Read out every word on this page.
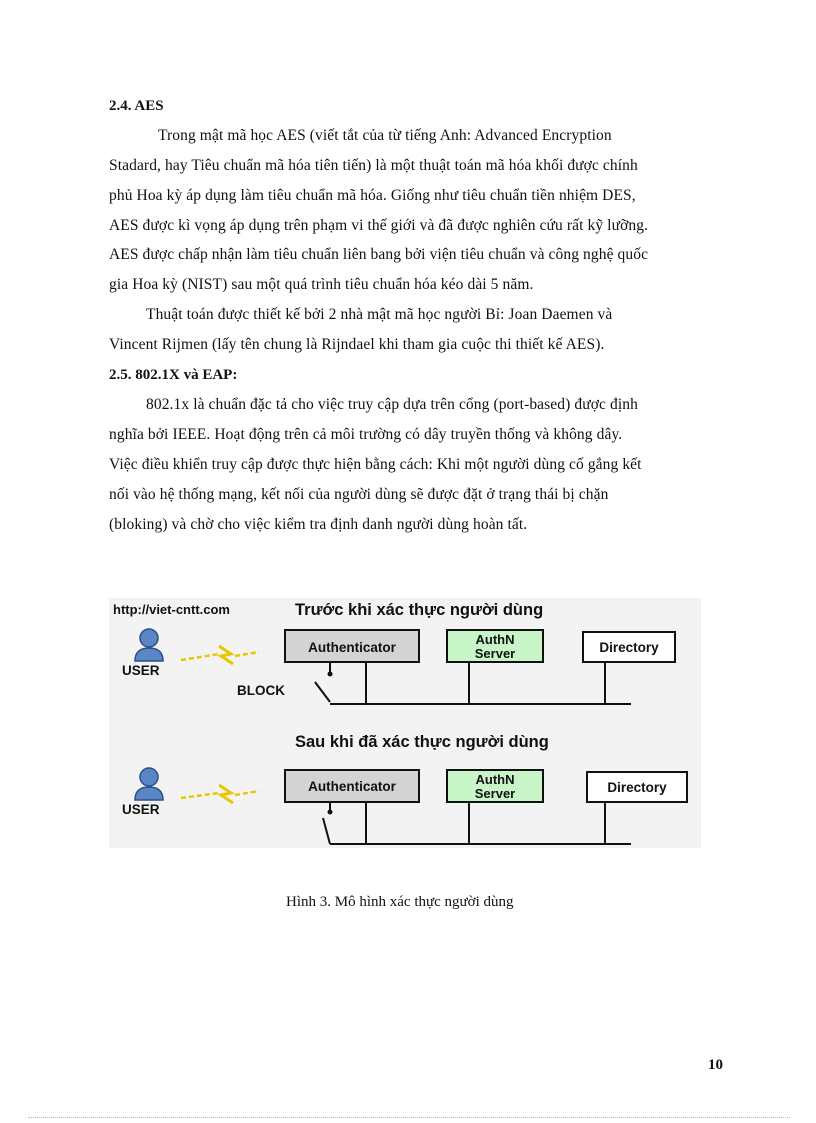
2.4. AES
Trong mật mã học AES (viết tắt của từ tiếng Anh: Advanced Encryption
Stadard, hay Tiêu chuẩn mã hóa tiên tiến) là một thuật toán mã hóa khối được chính
phủ Hoa kỳ áp dụng làm tiêu chuẩn mã hóa. Giống như tiêu chuẩn tiền nhiệm DES,
AES được kì vọng áp dụng trên phạm vi thế giới và đã được nghiên cứu rất kỹ lưỡng.
AES được chấp nhận làm tiêu chuẩn liên bang bởi viện tiêu chuẩn và công nghệ quốc
gia Hoa kỳ (NIST) sau một quá trình tiêu chuẩn hóa kéo dài 5 năm.
Thuật toán được thiết kế bởi 2 nhà mật mã học người Bỉ: Joan Daemen và
Vincent Rijmen (lấy tên chung là Rijndael khi tham gia cuộc thi thiết kế AES).
2.5. 802.1X và EAP:
802.1x là chuẩn đặc tả cho việc truy cập dựa trên cổng (port-based) được định
nghĩa bởi IEEE. Hoạt động trên cả môi trường có dây truyền thống và không dây.
Việc điều khiển truy cập được thực hiện bằng cách: Khi một người dùng cố gắng kết
nối vào hệ thống mạng, kết nối của người dùng sẽ được đặt ở trạng thái bị chặn
(bloking) và chờ cho việc kiểm tra định danh người dùng hoàn tất.
http://viet-cntt.com	Trước khi xác thực người dùng
USER
Authenticator
AuthN
Server	Directory
BLOCK
Sau khi đã xác thực người dùng
USER
Authenticator	AuthN
Server	Directory
Hình 3. Mô hình xác thực người dùng
10
